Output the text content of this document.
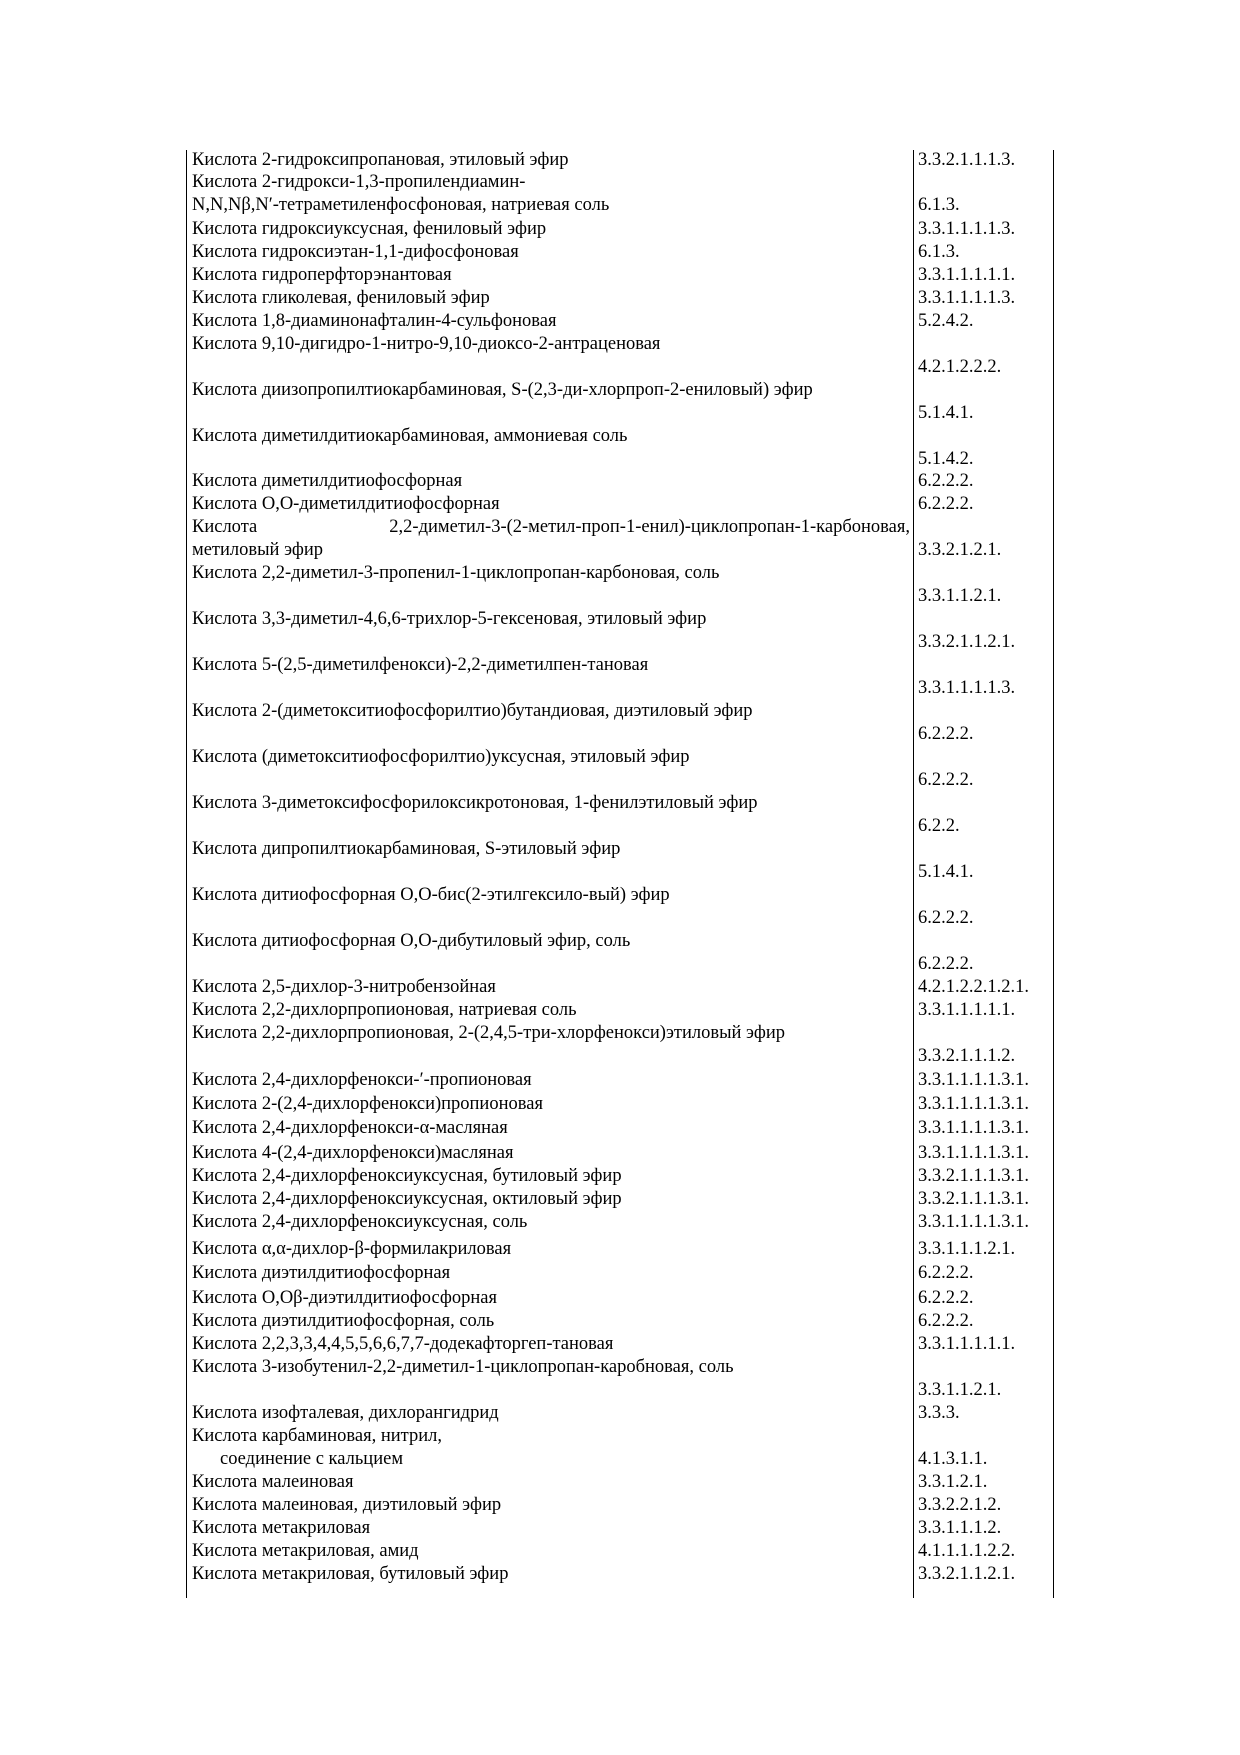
Кислота 2-гидроксипропановая, этиловый эфир	3.3.2.1.1.1.3.
Кислота 2-гидрокси-1,3-пропилендиамин-
N,N,Nβ,N′-тетраметиленфосфоновая, натриевая соль	6.1.3.
Кислота гидроксиуксусная, фениловый эфир	3.3.1.1.1.1.3.
Кислота гидроксиэтан-1,1-дифосфоновая	6.1.3.
Кислота гидроперфторэнантовая	3.3.1.1.1.1.1.
Кислота гликолевая, фениловый эфир	3.3.1.1.1.1.3.
Кислота 1,8-диаминонафталин-4-сульфоновая	5.2.4.2.
Кислота 9,10-дигидро-1-нитро-9,10-диоксо-2-антраценовая
4.2.1.2.2.2.
Кислота диизопропилтиокарбаминовая, S-(2,3-ди-хлорпроп-2-ениловый) эфир
5.1.4.1.
Кислота диметилдитиокарбаминовая, аммониевая соль
5.1.4.2.
Кислота диметилдитиофосфорная	6.2.2.2.
Кислота О,О-диметилдитиофосфорная	6.2.2.2.
Кислота 2,2-диметил-3-(2-метил-проп-1-енил)-циклопропан-1-карбоновая,
метиловый эфир	3.3.2.1.2.1.
Кислота 2,2-диметил-3-пропенил-1-циклопропан-карбоновая, соль
3.3.1.1.2.1.
Кислота 3,3-диметил-4,6,6-трихлор-5-гексеновая, этиловый эфир
3.3.2.1.1.2.1.
Кислота 5-(2,5-диметилфенокси)-2,2-диметилпен-тановая
3.3.1.1.1.1.3.
Кислота 2-(диметокситиофосфорилтио)бутандиовая, диэтиловый эфир
6.2.2.2.
Кислота (диметокситиофосфорилтио)уксусная, этиловый эфир
6.2.2.2.
Кислота 3-диметоксифосфорилоксикротоновая, 1-фенилэтиловый эфир
6.2.2.
Кислота дипропилтиокарбаминовая, S-этиловый эфир
5.1.4.1.
Кислота дитиофосфорная О,О-бис(2-этилгексило-вый) эфир
6.2.2.2.
Кислота дитиофосфорная О,О-дибутиловый эфир, соль
6.2.2.2.
Кислота 2,5-дихлор-3-нитробензойная	4.2.1.2.2.1.2.1.
Кислота 2,2-дихлорпропионовая, натриевая соль	3.3.1.1.1.1.1.
Кислота 2,2-дихлорпропионовая, 2-(2,4,5-три-хлорфенокси)этиловый эфир
3.3.2.1.1.1.2.
Кислота 2,4-дихлорфенокси-′-пропионовая	3.3.1.1.1.1.3.1.
Кислота 2-(2,4-дихлорфенокси)пропионовая	3.3.1.1.1.1.3.1.
Кислота 2,4-дихлорфенокси-α-масляная	3.3.1.1.1.1.3.1.
Кислота 4-(2,4-дихлорфенокси)масляная	3.3.1.1.1.1.3.1.
Кислота 2,4-дихлорфеноксиуксусная, бутиловый эфир	3.3.2.1.1.1.3.1.
Кислота 2,4-дихлорфеноксиуксусная, октиловый эфир	3.3.2.1.1.1.3.1.
Кислота 2,4-дихлорфеноксиуксусная, соль	3.3.1.1.1.1.3.1.
Кислота α,α-дихлор-β-формилакриловая	3.3.1.1.1.2.1.
Кислота диэтилдитиофосфорная	6.2.2.2.
Кислота О,Оβ-диэтилдитиофосфорная	6.2.2.2.
Кислота диэтилдитиофосфорная, соль	6.2.2.2.
Кислота 2,2,3,3,4,4,5,5,6,6,7,7-додекафторгеп-тановая	3.3.1.1.1.1.1.
Кислота 3-изобутенил-2,2-диметил-1-циклопропан-каробновая, соль
3.3.1.1.2.1.
Кислота изофталевая, дихлорангидрид	3.3.3.
Кислота карбаминовая, нитрил,
соединение с кальцием	4.1.3.1.1.
Кислота малеиновая	3.3.1.2.1.
Кислота малеиновая, диэтиловый эфир	3.3.2.2.1.2.
Кислота метакриловая	3.3.1.1.1.2.
Кислота метакриловая, амид	4.1.1.1.1.2.2.
Кислота метакриловая, бутиловый эфир	3.3.2.1.1.2.1.
